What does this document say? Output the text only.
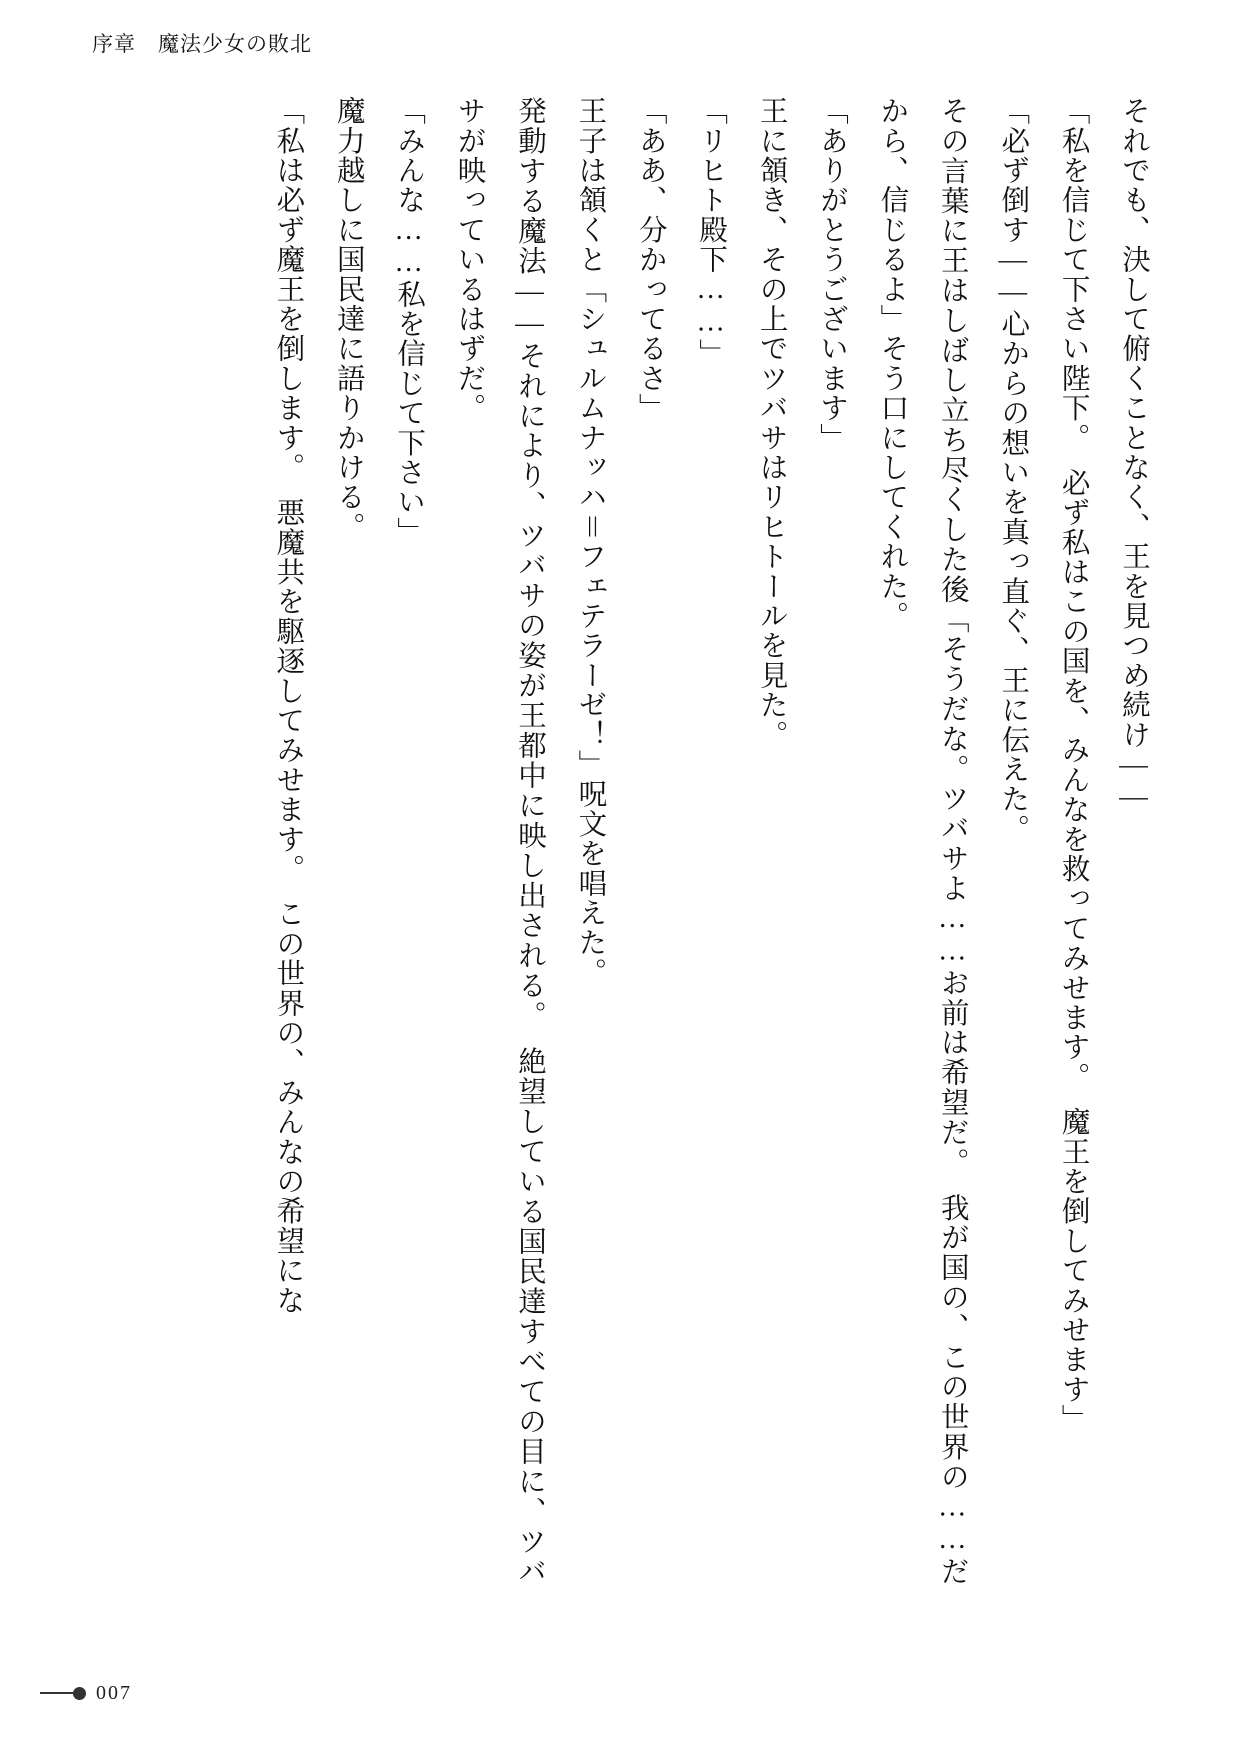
序章　魔法少女の敗北

それでも、決して俯くことなく、王を見つめ続け――

「私を信じて下さい陛下。　必ず私はこの国を、みんなを救ってみせます。　魔王を倒してみせます」

「必ず倒す――心からの想いを真っ直ぐ、王に伝えた。

その言葉に王はしばし立ち尽くした後「そうだな。ツバサよ……お前は希望だ。　我が国の、この世界の……だから、信じるよ」そう口にしてくれた。

「ありがとうございます」

王に頷き、その上でツバサはリヒトールを見た。

「リヒト殿下……」

「ああ、分かってるさ」

王子は頷くと「シュルムナッハ＝フェテラーゼ！」呪文を唱えた。

発動する魔法――それにより、ツバサの姿が王都中に映し出される。　絶望している国民達すべての目に、ツバサが映っているはずだ。

「みんな……私を信じて下さい」

魔力越しに国民達に語りかける。

「私は必ず魔王を倒します。　悪魔共を駆逐してみせます。　この世界の、みんなの希望にな

007
